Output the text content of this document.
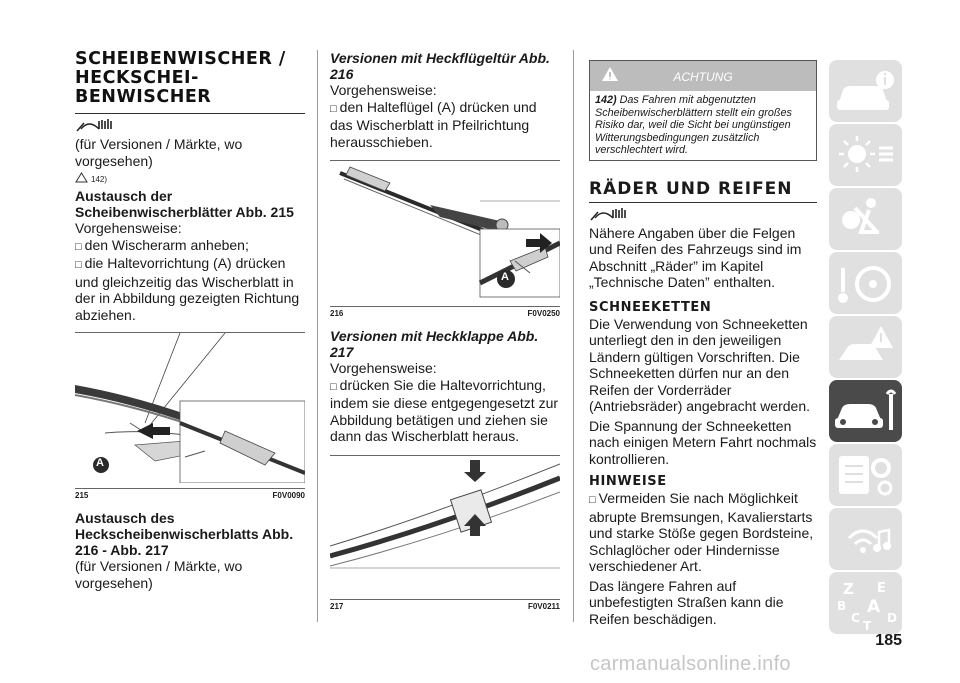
SCHEIBENWISCHER / HECKSCHEI-BENWISCHER

(für Versionen / Märkte, wo vorgesehen)

142)
Austausch der Scheibenwischerblätter Abb. 215

Vorgehensweise:

□ den Wischerarm anheben;

□ die Haltevorrichtung (A) drücken und gleichzeitig das Wischerblatt in der in Abbildung gezeigten Richtung abziehen.

A
215	F0V0090
Austausch des Heckscheibenwischerblatts Abb. 216 - Abb. 217

(für Versionen / Märkte, wo vorgesehen)

Versionen mit Heckflügeltür Abb. 216

Vorgehensweise:

□ den Halteflügel (A) drücken und das Wischerblatt in Pfeilrichtung herausschieben.

A
216	F0V0250
Versionen mit Heckklappe Abb. 217

Vorgehensweise:

□ drücken Sie die Haltevorrichtung, indem sie diese entgegengesetzt zur Abbildung betätigen und ziehen sie dann das Wischerblatt heraus.

217	F0V0211
ACHTUNG
142) Das Fahren mit abgenutzten Scheibenwischerblättern stellt ein großes Risiko dar, weil die Sicht bei ungünstigen Witterungsbedingungen zusätzlich verschlechtert wird.
RÄDER UND REIFEN

Nähere Angaben über die Felgen und Reifen des Fahrzeugs sind im Abschnitt „Räder” im Kapitel „Technische Daten” enthalten.

SCHNEEKETTEN

Die Verwendung von Schneeketten unterliegt den in den jeweiligen Ländern gültigen Vorschriften. Die Schneeketten dürfen nur an den Reifen der Vorderräder (Antriebsräder) angebracht werden.

Die Spannung der Schneeketten nach einigen Metern Fahrt nochmals kontrollieren.

HINWEISE

□ Vermeiden Sie nach Möglichkeit abrupte Bremsungen, Kavalierstarts und starke Stöße gegen Bordsteine, Schlaglöcher oder Hindernisse verschiedener Art.

Das längere Fahren auf unbefestigten Straßen kann die Reifen beschädigen.

Z E
B A
C
T
D
185
carmanualsonline.info
